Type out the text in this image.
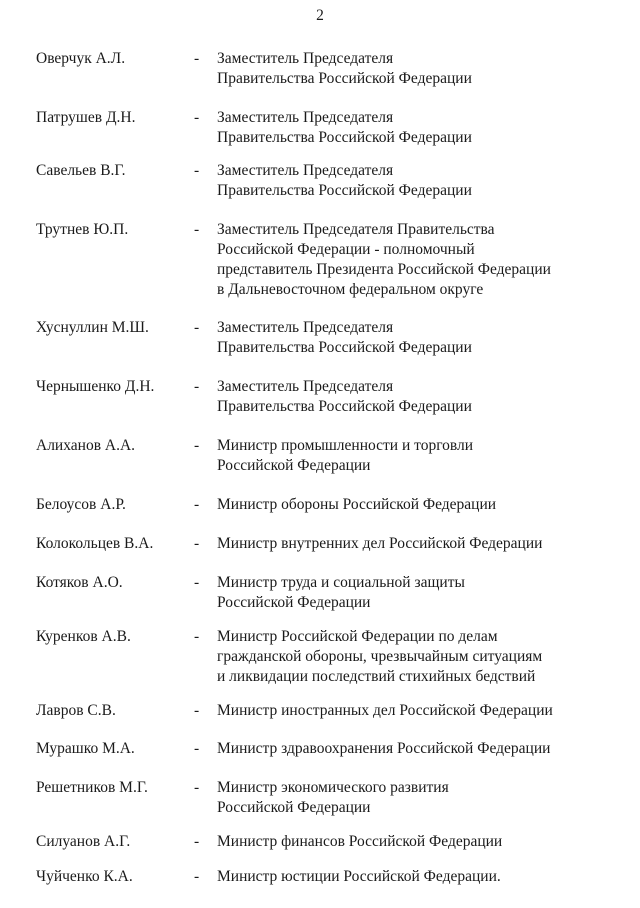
2
Оверчук А.Л.	- Заместитель Председателя
Правительства Российской Федерации
Патрушев Д.Н.	- Заместитель Председателя
Правительства Российской Федерации
Савельев В.Г.	- Заместитель Председателя
Правительства Российской Федерации
Трутнев Ю.П.	- Заместитель Председателя Правительства
Российской Федерации - полномочный
представитель Президента Российской Федерации
в Дальневосточном федеральном округе
Хуснуллин М.Ш.	- Заместитель Председателя
Правительства Российской Федерации
Чернышенко Д.Н.	- Заместитель Председателя
Правительства Российской Федерации
Алиханов А.А.	- Министр промышленности и торговли
Российской Федерации
Белоусов А.Р.	- Министр обороны Российской Федерации
Колокольцев В.А.	- Министр внутренних дел Российской Федерации
Котяков А.О.	- Министр труда и социальной защиты
Российской Федерации
Куренков А.В.	- Министр Российской Федерации по делам
гражданской обороны, чрезвычайным ситуациям
и ликвидации последствий стихийных бедствий
Лавров С.В.	- Министр иностранных дел Российской Федерации
Мурашко М.А.	- Министр здравоохранения Российской Федерации
Решетников М.Г.	- Министр экономического развития
Российской Федерации
Силуанов А.Г.	- Министр финансов Российской Федерации
Чуйченко К.А.	- Министр юстиции Российской Федерации.
